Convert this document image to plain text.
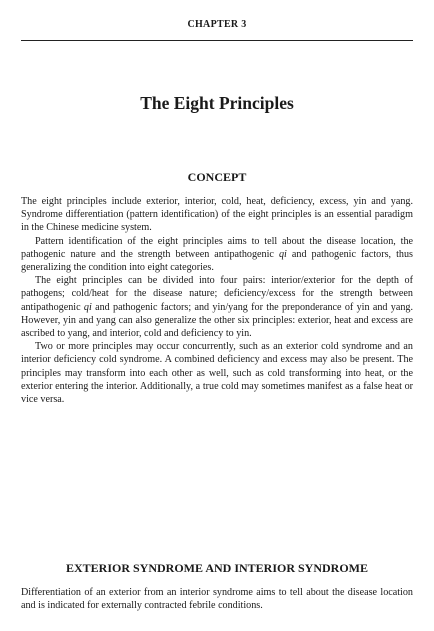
CHAPTER 3
The Eight Principles
CONCEPT

The eight principles include exterior, interior, cold, heat, deficiency, excess, yin and yang. Syndrome differentiation (pattern identification) of the eight principles is an essential paradigm in the Chinese medicine system.

Pattern identification of the eight principles aims to tell about the disease location, the pathogenic nature and the strength between antipathogenic qi and pathogenic factors, thus generalizing the condition into eight categories.

The eight principles can be divided into four pairs: interior/exterior for the depth of pathogens; cold/heat for the disease nature; deficiency/excess for the strength between antipathogenic qi and pathogenic factors; and yin/yang for the preponderance of yin and yang. However, yin and yang can also generalize the other six principles: exterior, heat and excess are ascribed to yang, and interior, cold and deficiency to yin.

Two or more principles may occur concurrently, such as an exterior cold syndrome and an interior deficiency cold syndrome. A combined deficiency and excess may also be present. The principles may transform into each other as well, such as cold transforming into heat, or the exterior entering the interior. Additionally, a true cold may sometimes manifest as a false heat or vice versa.

EXTERIOR SYNDROME AND INTERIOR SYNDROME

Differentiation of an exterior from an interior syndrome aims to tell about the disease location and is indicated for externally contracted febrile conditions.
